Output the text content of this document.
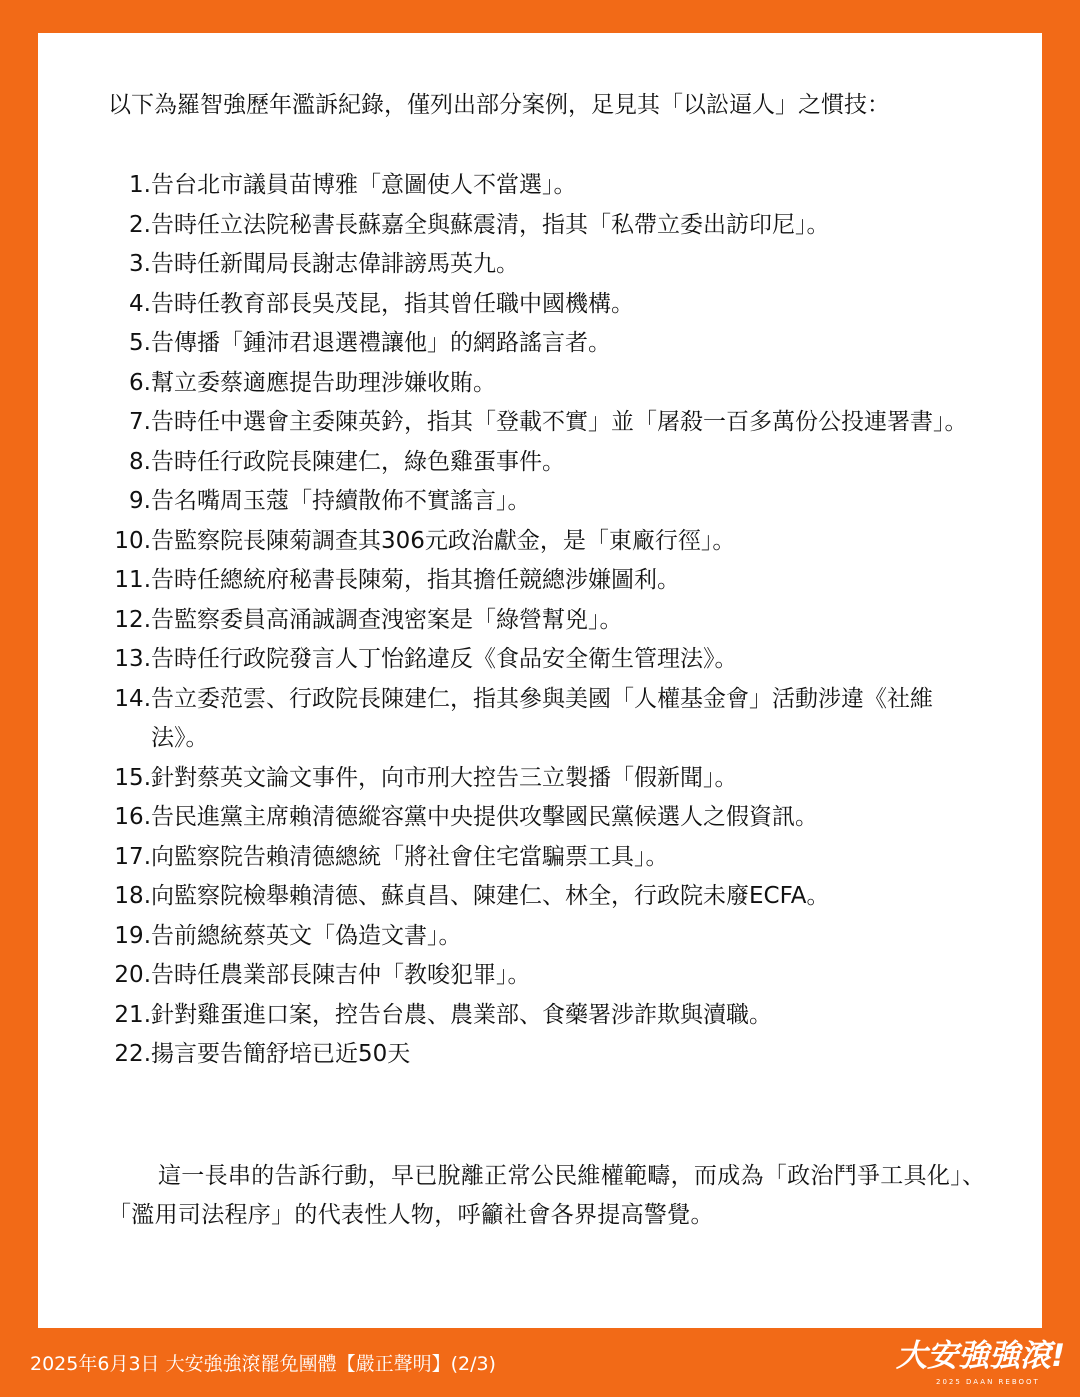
以下為羅智強歷年濫訴紀錄，僅列出部分案例，足見其「以訟逼人」之慣技：
1. 告台北市議員苗博雅「意圖使人不當選」。
2. 告時任立法院秘書長蘇嘉全與蘇震清，指其「私帶立委出訪印尼」。
3. 告時任新聞局長謝志偉誹謗馬英九。
4. 告時任教育部長吳茂昆，指其曾任職中國機構。
5. 告傳播「鍾沛君退選禮讓他」的網路謠言者。
6. 幫立委蔡適應提告助理涉嫌收賄。
7. 告時任中選會主委陳英鈐，指其「登載不實」並「屠殺一百多萬份公投連署書」。
8. 告時任行政院長陳建仁，綠色雞蛋事件。
9. 告名嘴周玉蔻「持續散佈不實謠言」。
10. 告監察院長陳菊調查其306元政治獻金，是「東廠行徑」。
11. 告時任總統府秘書長陳菊，指其擔任競總涉嫌圖利。
12. 告監察委員高涌誠調查洩密案是「綠營幫兇」。
13. 告時任行政院發言人丁怡銘違反《食品安全衛生管理法》。
14. 告立委范雲、行政院長陳建仁，指其參與美國「人權基金會」活動涉違《社維法》。
15. 針對蔡英文論文事件，向市刑大控告三立製播「假新聞」。
16. 告民進黨主席賴清德縱容黨中央提供攻擊國民黨候選人之假資訊。
17. 向監察院告賴清德總統「將社會住宅當騙票工具」。
18. 向監察院檢舉賴清德、蘇貞昌、陳建仁、林全，行政院未廢ECFA。
19. 告前總統蔡英文「偽造文書」。
20. 告時任農業部長陳吉仲「教唆犯罪」。
21. 針對雞蛋進口案，控告台農、農業部、食藥署涉詐欺與瀆職。
22. 揚言要告簡舒培已近50天
這一長串的告訴行動，早已脫離正常公民維權範疇，而成為「政治鬥爭工具化」、「濫用司法程序」的代表性人物，呼籲社會各界提高警覺。
2025年6月3日 大安強強滾罷免團體【嚴正聲明】(2/3)	大安強強滾!
2025 DAAN REBOOT
